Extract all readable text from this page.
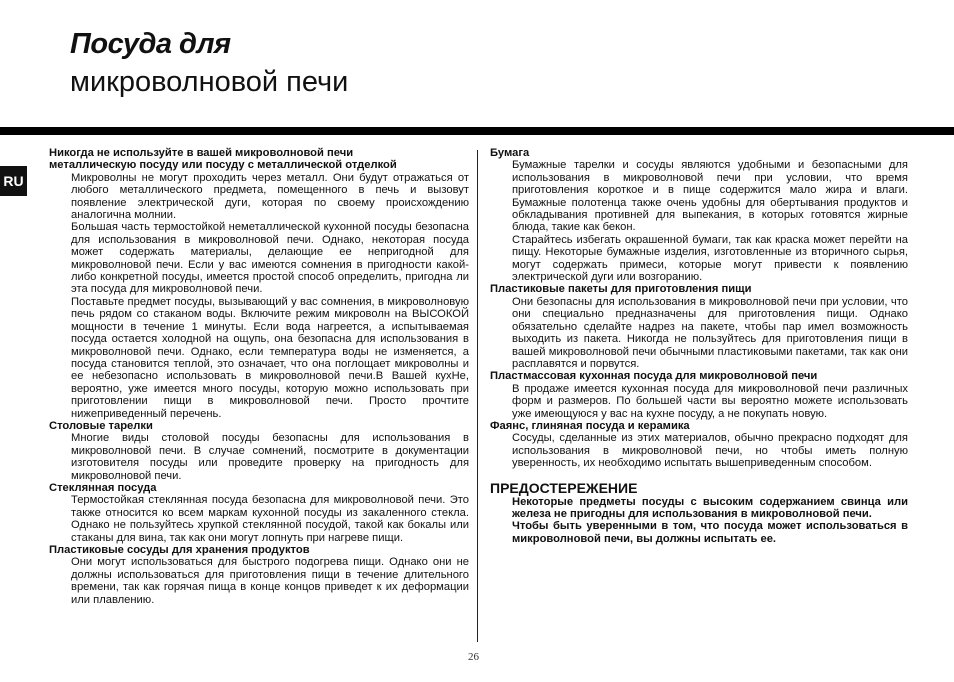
Посуда для
микроволновой печи
RU
Никогда не используйте в вашей микроволновой печи
металлическую посуду или посуду с металлической отделкой
Микроволны не могут проходить через металл. Они будут отражаться от любого металлического предмета, помещенного в печь и вызовут появление электрической дуги, которая по своему происхождению аналогична молнии.
Большая часть термостойкой неметаллической кухонной посуды безопасна для использования в микроволновой печи. Однако, некоторая посуда может содержать материалы, делающие ее непригодной для микроволновой печи. Если у вас имеются сомнения в пригодности какой-либо конкретной посуды, имеется простой способ определить, пригодна ли эта посуда для микроволновой печи.
Поставьте предмет посуды, вызывающий у вас сомнения, в микроволновую печь рядом со стаканом воды. Включите режим микроволн на ВЫСОКОЙ мощности в течение 1 минуты. Если вода нагреется, а испытываемая посуда остается холодной на ощупь, она безопасна для использования в микроволновой печи. Однако, если температура воды не изменяется, а посуда становится теплой, это означает, что она поглощает микроволны и ее небезопасно использовать в микроволновой печи.В Вашей кухНе, вероятно, уже имеется много посуды, которую можно использовать при приготовлении пищи в микроволновой печи. Просто прочтите нижеприведенный перечень.
Столовые тарелки
Многие виды столовой посуды безопасны для использования в микроволновой печи. В случае сомнений, посмотрите в документации изготовителя посуды или проведите проверку на пригодность для микроволновой печи.
Стеклянная посуда
Термостойкая стеклянная посуда безопасна для микроволновой печи. Это также относится ко всем маркам кухонной посуды из закаленного стекла. Однако не пользуйтесь хрупкой стеклянной посудой, такой как бокалы или стаканы для вина, так как они могут лопнуть при нагреве пищи.
Пластиковые сосуды для хранения продуктов
Они могут использоваться для быстрого подогрева пищи. Однако они не должны использоваться для приготовления пищи в течение длительного времени, так как горячая пища в конце концов приведет к их деформации или плавлению.
Бумага
Бумажные тарелки и сосуды являются удобными и безопасными для использования в микроволновой печи при условии, что время приготовления короткое и в пище содержится мало жира и влаги. Бумажные полотенца также очень удобны для обертывания продуктов и обкладывания противней для выпекания, в которых готовятся жирные блюда, такие как бекон.
Старайтесь избегать окрашенной бумаги, так как краска может перейти на пищу. Некоторые бумажные изделия, изготовленные из вторичного сырья, могут содержать примеси, которые могут привести к появлению электрической дуги или возгоранию.
Пластиковые пакеты для приготовления пищи
Они безопасны для использования в микроволновой печи при условии, что они специально предназначены для приготовления пищи. Однако обязательно сделайте надрез на пакете, чтобы пар имел возможность выходить из пакета. Никогда не пользуйтесь для приготовления пищи в вашей микроволновой печи обычными пластиковыми пакетами, так как они расплавятся и порвутся.
Пластмассовая кухонная посуда для микроволновой печи
В продаже имеется кухонная посуда для микроволновой печи различных форм и размеров. По большей части вы вероятно можете использовать уже имеющуюся у вас на кухне посуду, а не покупать новую.
Фаянс, глиняная посуда и керамика
Сосуды, сделанные из этих материалов, обычно прекрасно подходят для использования в микроволновой печи, но чтобы иметь полную уверенность, их необходимо испытать вышеприведенным способом.
ПРЕДОСТЕРЕЖЕНИЕ
Некоторые предметы посуды с высоким содержанием свинца или железа не пригодны для использования в микроволновой печи.
Чтобы быть уверенными в том, что посуда может использоваться в микроволновой печи, вы должны испытать ее.
26
